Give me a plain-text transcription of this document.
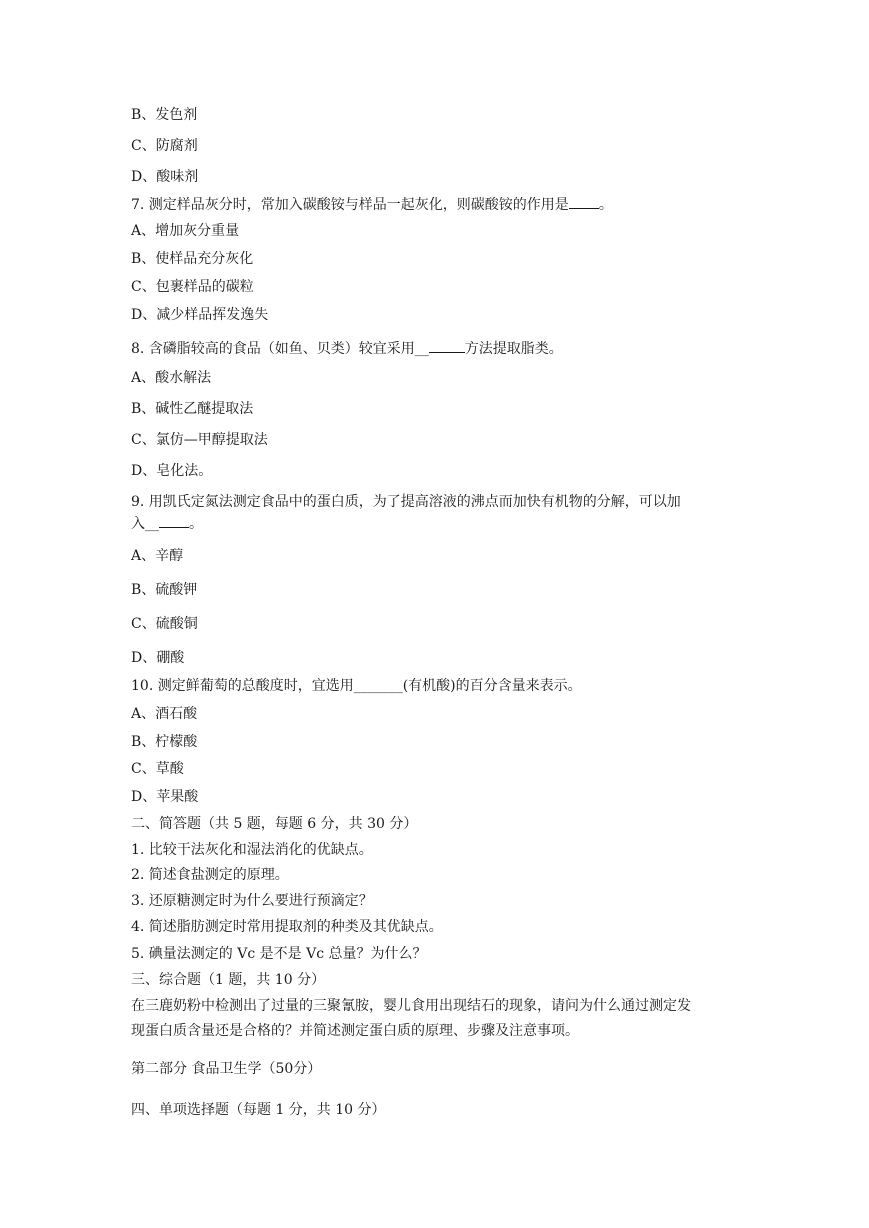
B、发色剂
C、防腐剂
D、酸味剂
7. 测定样品灰分时，常加入碳酸铵与样品一起灰化，则碳酸铵的作用是 。
A、增加灰分重量
B、使样品充分灰化
C、包裹样品的碳粒
D、减少样品挥发逸失
8. 含磷脂较高的食品（如鱼、贝类）较宜采用__	方法提取脂类。
A、酸水解法
B、碱性乙醚提取法
C、氯仿—甲醇提取法
D、皂化法。
9. 用凯氏定氮法测定食品中的蛋白质，为了提高溶液的沸点而加快有机物的分解，可以加
入__ 。
A、辛醇
B、硫酸钾
C、硫酸铜
D、硼酸
10. 测定鲜葡萄的总酸度时，宜选用_______(有机酸)的百分含量来表示。
A、酒石酸
B、柠檬酸
C、草酸
D、苹果酸
二、简答题（共 5 题，每题 6 分，共 30 分）
1. 比较干法灰化和湿法消化的优缺点。
2. 简述食盐测定的原理。
3. 还原糖测定时为什么要进行预滴定？
4. 简述脂肪测定时常用提取剂的种类及其优缺点。
5. 碘量法测定的 Vc 是不是 Vc 总量？为什么？
三、综合题（1 题，共 10 分）
在三鹿奶粉中检测出了过量的三聚氰胺，婴儿食用出现结石的现象，请问为什么通过测定发
现蛋白质含量还是合格的？并简述测定蛋白质的原理、步骤及注意事项。
第二部分 食品卫生学（50分）
四、单项选择题（每题 1 分，共 10 分）
